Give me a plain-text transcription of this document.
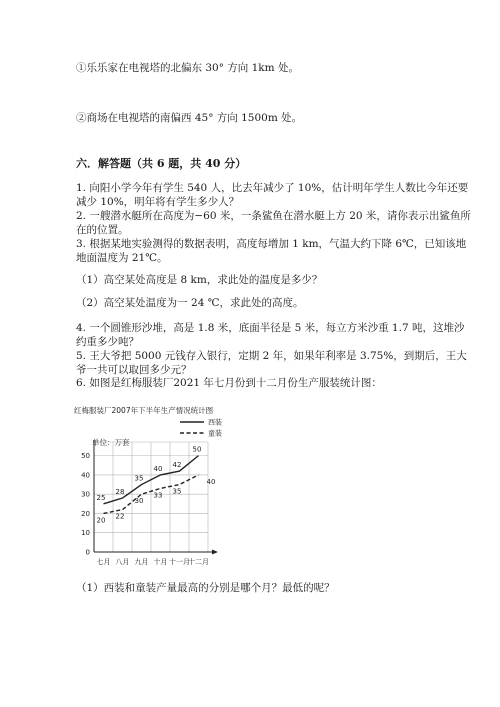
①乐乐家在电视塔的北偏东 30° 方向 1km 处。
②商场在电视塔的南偏西 45° 方向 1500m 处。
六．解答题（共 6 题，共 40 分）
1. 向阳小学今年有学生 540 人，比去年减少了 10%，估计明年学生人数比今年还要减少 10%，明年将有学生多少人？
2. 一艘潜水艇所在高度为−60 米，一条鲨鱼在潜水艇上方 20 米，请你表示出鲨鱼所在的位置。
3. 根据某地实验测得的数据表明，高度每增加 1 km，气温大约下降 6℃，已知该地地面温度为 21℃。
（1）高空某处高度是 8 km，求此处的温度是多少？
（2）高空某处温度为一 24 ℃，求此处的高度。
4. 一个圆锥形沙堆，高是 1.8 米，底面半径是 5 米，每立方米沙重 1.7 吨，这堆沙约重多少吨？
5. 王大爷把 5000 元钱存入银行，定期 2 年，如果年利率是 3.75%，到期后，王大爷一共可以取回多少元？
6. 如图是红梅服装厂2021 年七月份到十二月份生产服装统计图：
红梅服装厂2007年下半年生产情况统计图
单位：万套
0
10
20
30
40
50
七月 八月 九月 十月 十一月
十二月
25
28
35
40 42
50
20 22
30
33 35
40
西装
童装
（1）西装和童装产量最高的分别是哪个月？最低的呢？
